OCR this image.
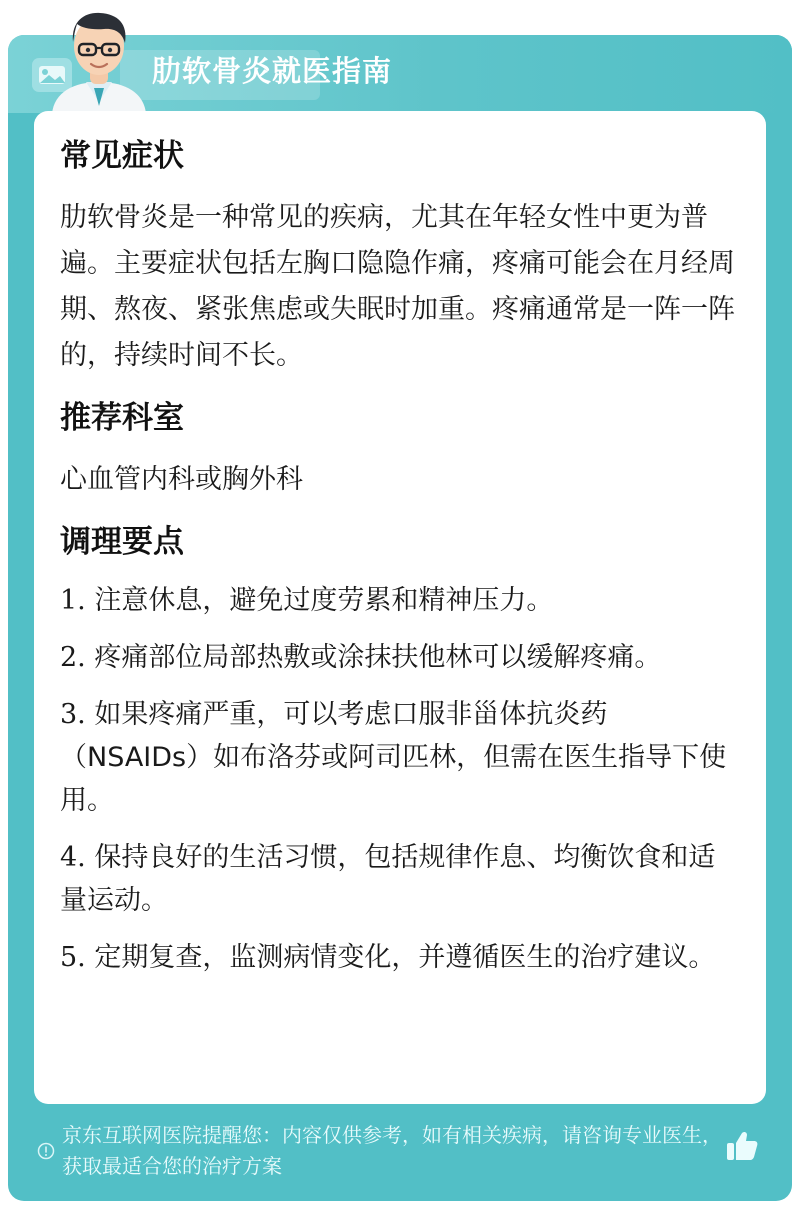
肋软骨炎就医指南
常见症状

肋软骨炎是一种常见的疾病，尤其在年轻女性中更为普遍。主要症状包括左胸口隐隐作痛，疼痛可能会在月经周期、熬夜、紧张焦虑或失眠时加重。疼痛通常是一阵一阵的，持续时间不长。

推荐科室

心血管内科或胸外科

调理要点
1. 注意休息，避免过度劳累和精神压力。
2. 疼痛部位局部热敷或涂抹扶他林可以缓解疼痛。
3. 如果疼痛严重，可以考虑口服非甾体抗炎药（NSAIDs）如布洛芬或阿司匹林，但需在医生指导下使用。
4. 保持良好的生活习惯，包括规律作息、均衡饮食和适量运动。
5. 定期复查，监测病情变化，并遵循医生的治疗建议。
京东互联网医院提醒您：内容仅供参考，如有相关疾病，请咨询专业医生，获取最适合您的治疗方案
